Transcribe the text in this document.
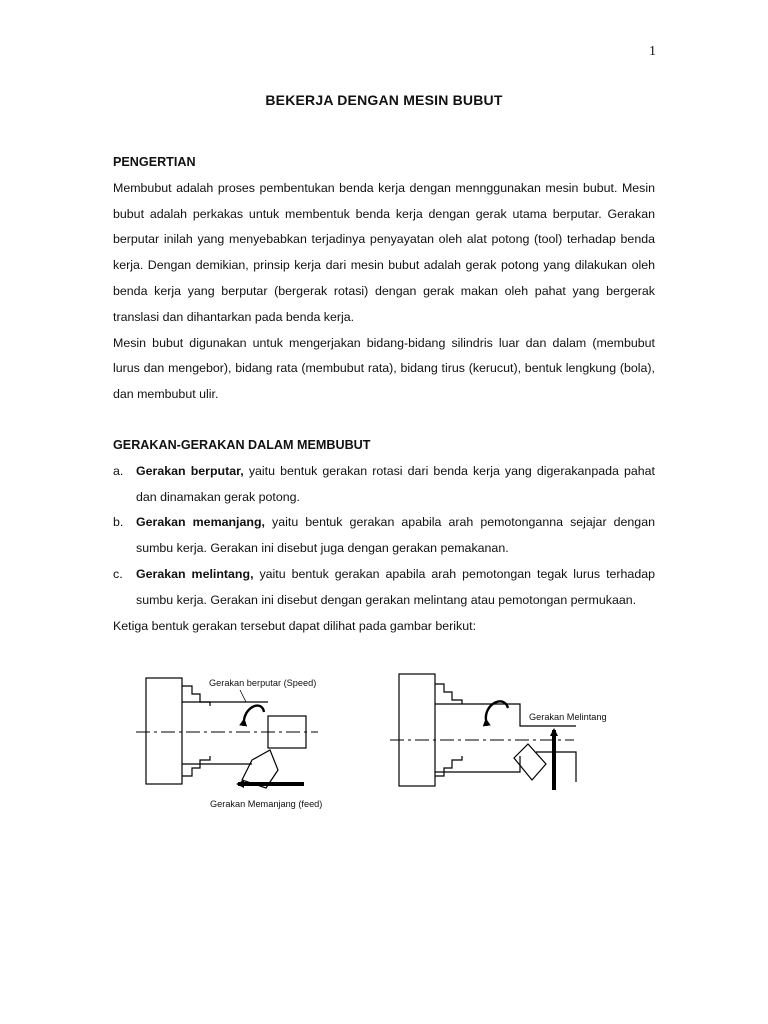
1
BEKERJA DENGAN MESIN BUBUT
PENGERTIAN

Membubut adalah proses pembentukan benda kerja dengan mennggunakan mesin bubut. Mesin bubut adalah perkakas untuk membentuk benda kerja dengan gerak utama berputar. Gerakan berputar inilah yang menyebabkan terjadinya penyayatan oleh alat potong (tool) terhadap benda kerja. Dengan demikian, prinsip kerja dari mesin bubut adalah gerak potong yang dilakukan oleh benda kerja yang berputar (bergerak rotasi) dengan gerak makan oleh pahat yang bergerak translasi dan dihantarkan pada benda kerja.

Mesin bubut digunakan untuk mengerjakan bidang-bidang silindris luar dan dalam (membubut lurus dan mengebor), bidang rata (membubut rata), bidang tirus (kerucut), bentuk lengkung (bola), dan membubut ulir.

GERAKAN-GERAKAN DALAM MEMBUBUT
a.	Gerakan berputar, yaitu bentuk gerakan rotasi dari benda kerja yang digerakanpada pahat dan dinamakan gerak potong.
b.	Gerakan memanjang, yaitu bentuk gerakan apabila arah pemotonganna sejajar dengan sumbu kerja. Gerakan ini disebut juga dengan gerakan pemakanan.
c.	Gerakan melintang, yaitu bentuk gerakan apabila arah pemotongan tegak lurus terhadap sumbu kerja. Gerakan ini disebut dengan gerakan melintang atau pemotongan permukaan.

Ketiga bentuk gerakan tersebut dapat dilihat pada gambar berikut:

Gerakan berputar (Speed)
Gerakan Memanjang (feed)
Gerakan Melintang
